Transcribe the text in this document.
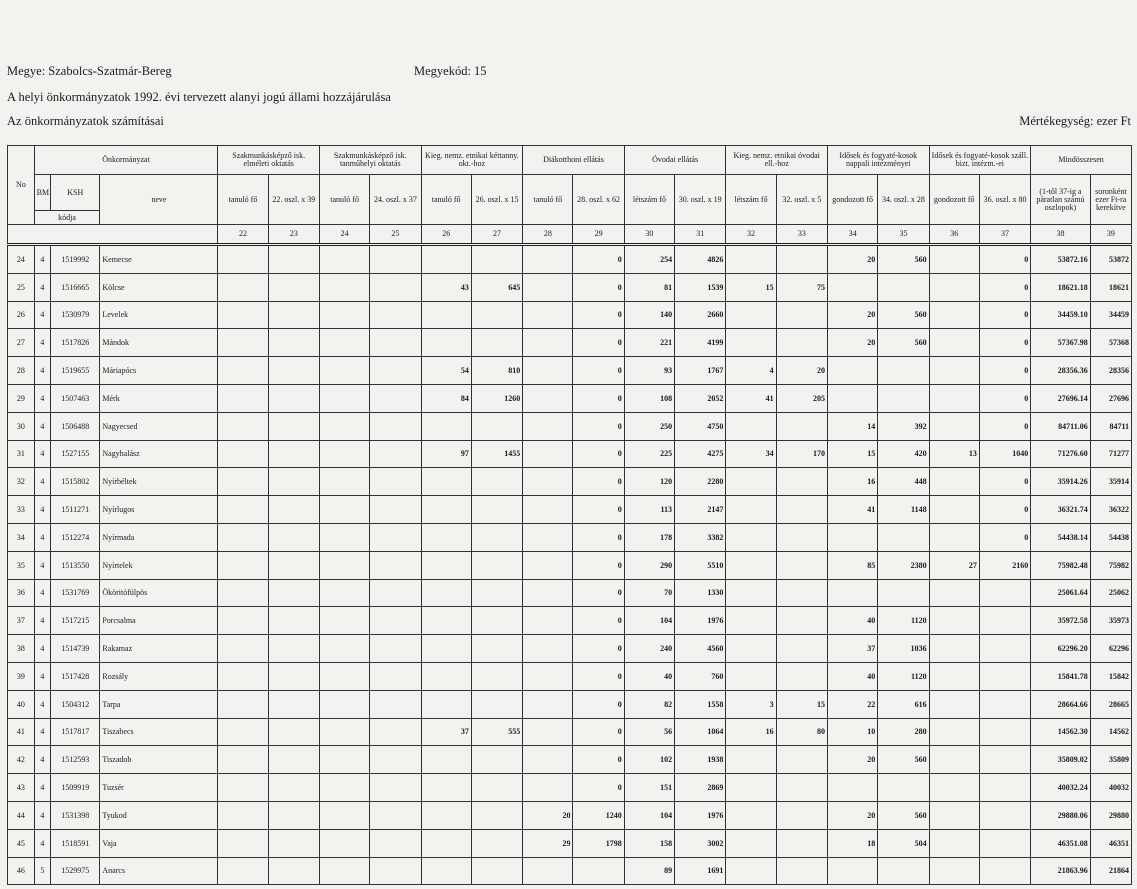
Megye: Szabolcs-Szatmár-Bereg	Megyekód: 15
A helyi önkormányzatok 1992. évi tervezett alanyi jogú állami hozzájárulása
Az önkormányzatok számításai	Mértékegység: ezer Ft
No	Önkormányzat			Szakmunkásképző isk. elméleti oktatás		Szakmunkásképző isk. tanműhelyi oktatás		Kieg. nemz. etnikai kéttanny. okt.-hoz		Diákotthoni ellátás		Óvodai ellátás		Kieg. nemz. etnikai óvodai ell.-hoz		Idősek és fogyaté-kosok nappali intézményei		Idősek és fogyaté-kosok száll. bizt. intézm.-ei		Mindösszesen	
	BM	KSH	neve	tanuló fő	22. oszl. x 39	tanuló fő	24. oszl. x 37	tanuló fő	26. oszl. x 15	tanuló fő	28. oszl. x 62	létszám fő	30. oszl. x 19	létszám fő	32. oszl. x 5	gondozott fő	34. oszl. x 28	gondozott fő	36. oszl. x 80	(1-től 37-ig a páratlan számú oszlopok)	soronként ezer Ft-ra kerekítve
	kódja																				
				22	23	24	25	26	27	28	29	30	31	32	33	34	35	36	37	38	39
24	4	1519992	Kemecse								0	254	4826			20	560		0	53872.16	53872
25	4	1516665	Kölcse					43	645		0	81	1539	15	75				0	18621.18	18621
26	4	1530979	Levelek								0	140	2660			20	560		0	34459.10	34459
27	4	1517826	Mándok								0	221	4199			20	560		0	57367.98	57368
28	4	1519655	Máriapócs					54	810		0	93	1767	4	20				0	28356.36	28356
29	4	1507463	Mérk					84	1260		0	108	2052	41	205				0	27696.14	27696
30	4	1506488	Nagyecsed								0	250	4750			14	392		0	84711.06	84711
31	4	1527155	Nagyhalász					97	1455		0	225	4275	34	170	15	420	13	1040	71276.60	71277
32	4	1515802	Nyírbéltek								0	120	2280			16	448		0	35914.26	35914
33	4	1511271	Nyírlugos								0	113	2147			41	1148		0	36321.74	36322
34	4	1512274	Nyírmada								0	178	3382						0	54438.14	54438
35	4	1513550	Nyírtelek								0	290	5510			85	2380	27	2160	75982.48	75982
36	4	1531769	Ököritófülpös								0	70	1330							25061.64	25062
37	4	1517215	Porcsalma								0	104	1976			40	1120			35972.58	35973
38	4	1514739	Rakamaz								0	240	4560			37	1036			62296.20	62296
39	4	1517428	Rozsály								0	40	760			40	1120			15841.78	15842
40	4	1504312	Tarpa								0	82	1558	3	15	22	616			28664.66	28665
41	4	1517817	Tiszabecs					37	555		0	56	1064	16	80	10	280			14562.30	14562
42	4	1512593	Tiszadob								0	102	1938			20	560			35809.02	35809
43	4	1509919	Tuzsér								0	151	2869							40032.24	40032
44	4	1531398	Tyukod							20	1240	104	1976			20	560			29880.06	29880
45	4	1518591	Vaja							29	1798	158	3002			18	504			46351.08	46351
46	5	1529975	Anarcs									89	1691							21863.96	21864
